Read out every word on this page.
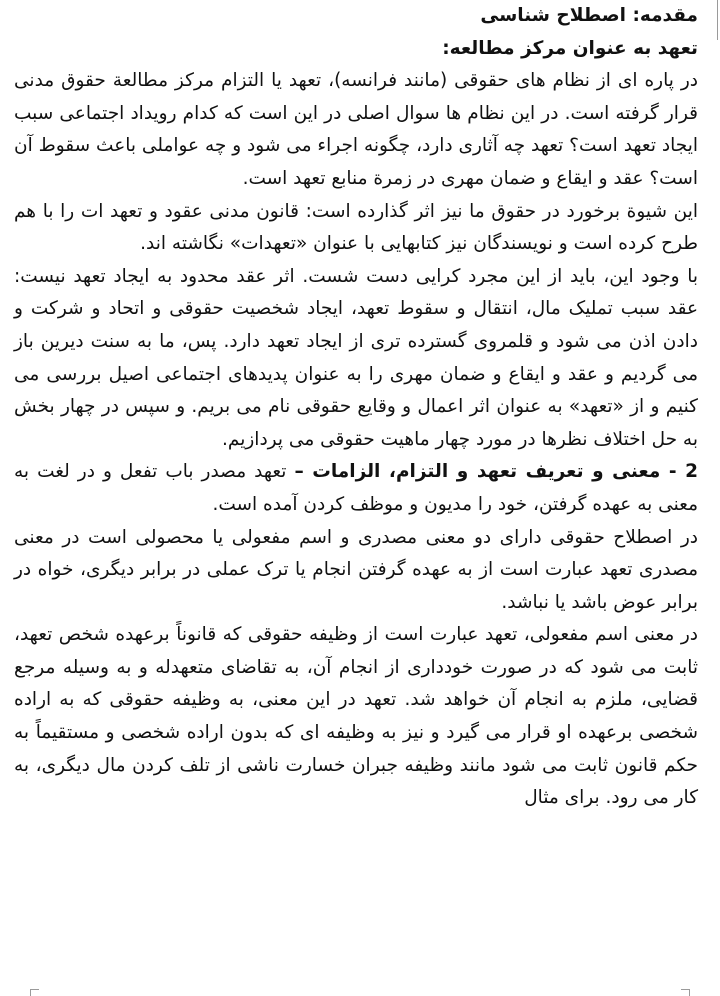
مقدمه: اصطلاح شناسی

تعهد به عنوان مرکز مطالعه:

در پاره ای از نظام های حقوقی (مانند فرانسه)، تعهد یا التزام مرکز مطالعة حقوق مدنی قرار گرفته است. در این نظام ها سوال اصلی در این است که کدام رویداد اجتماعی سبب ایجاد تعهد است؟ تعهد چه آثاری دارد، چگونه اجراء می شود و چه عواملی باعث سقوط آن است؟ عقد و ایقاع و ضمان مهری در زمرة منابع تعهد است.

این شیوة برخورد در حقوق ما نیز اثر گذارده است: قانون مدنی عقود و تعهد ات را با هم طرح کرده است و نویسندگان نیز کتابهایی با عنوان «تعهدات» نگاشته اند.

با وجود این، باید از این مجرد کرایی دست شست. اثر عقد محدود به ایجاد تعهد نیست: عقد سبب تملیک مال، انتقال و سقوط تعهد، ایجاد شخصیت حقوقی و اتحاد و شرکت و دادن اذن می شود و قلمروی گسترده تری از ایجاد تعهد دارد. پس، ما به سنت دیرین باز می گردیم و عقد و ایقاع و ضمان مهری را به عنوان پدیدهای اجتماعی اصیل بررسی می کنیم و از «تعهد» به عنوان اثر اعمال و وقایع حقوقی نام می بریم. و سپس در چهار بخش به حل اختلاف نظرها در مورد چهار ماهیت حقوقی می پردازیم.

2 - معنی و تعریف تعهد و التزام، الزامات – تعهد مصدر باب تفعل و در لغت به معنی به عهده گرفتن، خود را مدیون و موظف کردن آمده است.

در اصطلاح حقوقی دارای دو معنی مصدری و اسم مفعولی یا محصولی است در معنی مصدری تعهد عبارت است از به عهده گرفتن انجام یا ترک عملی در برابر دیگری، خواه در برابر عوض باشد یا نباشد.

در معنی اسم مفعولی، تعهد عبارت است از وظیفه حقوقی که قانوناً برعهده شخص تعهد، ثابت می شود که در صورت خودداری از انجام آن، به تقاضای متعهدله و به وسیله مرجع قضایی، ملزم به انجام آن خواهد شد. تعهد در این معنی، به وظیفه حقوقی که به اراده شخصی برعهده او قرار می گیرد و نیز به وظیفه ای که بدون اراده شخصی و مستقیماً به حکم قانون ثابت می شود مانند وظیفه جبران خسارت ناشی از تلف کردن مال دیگری، به کار می رود. برای مثال
